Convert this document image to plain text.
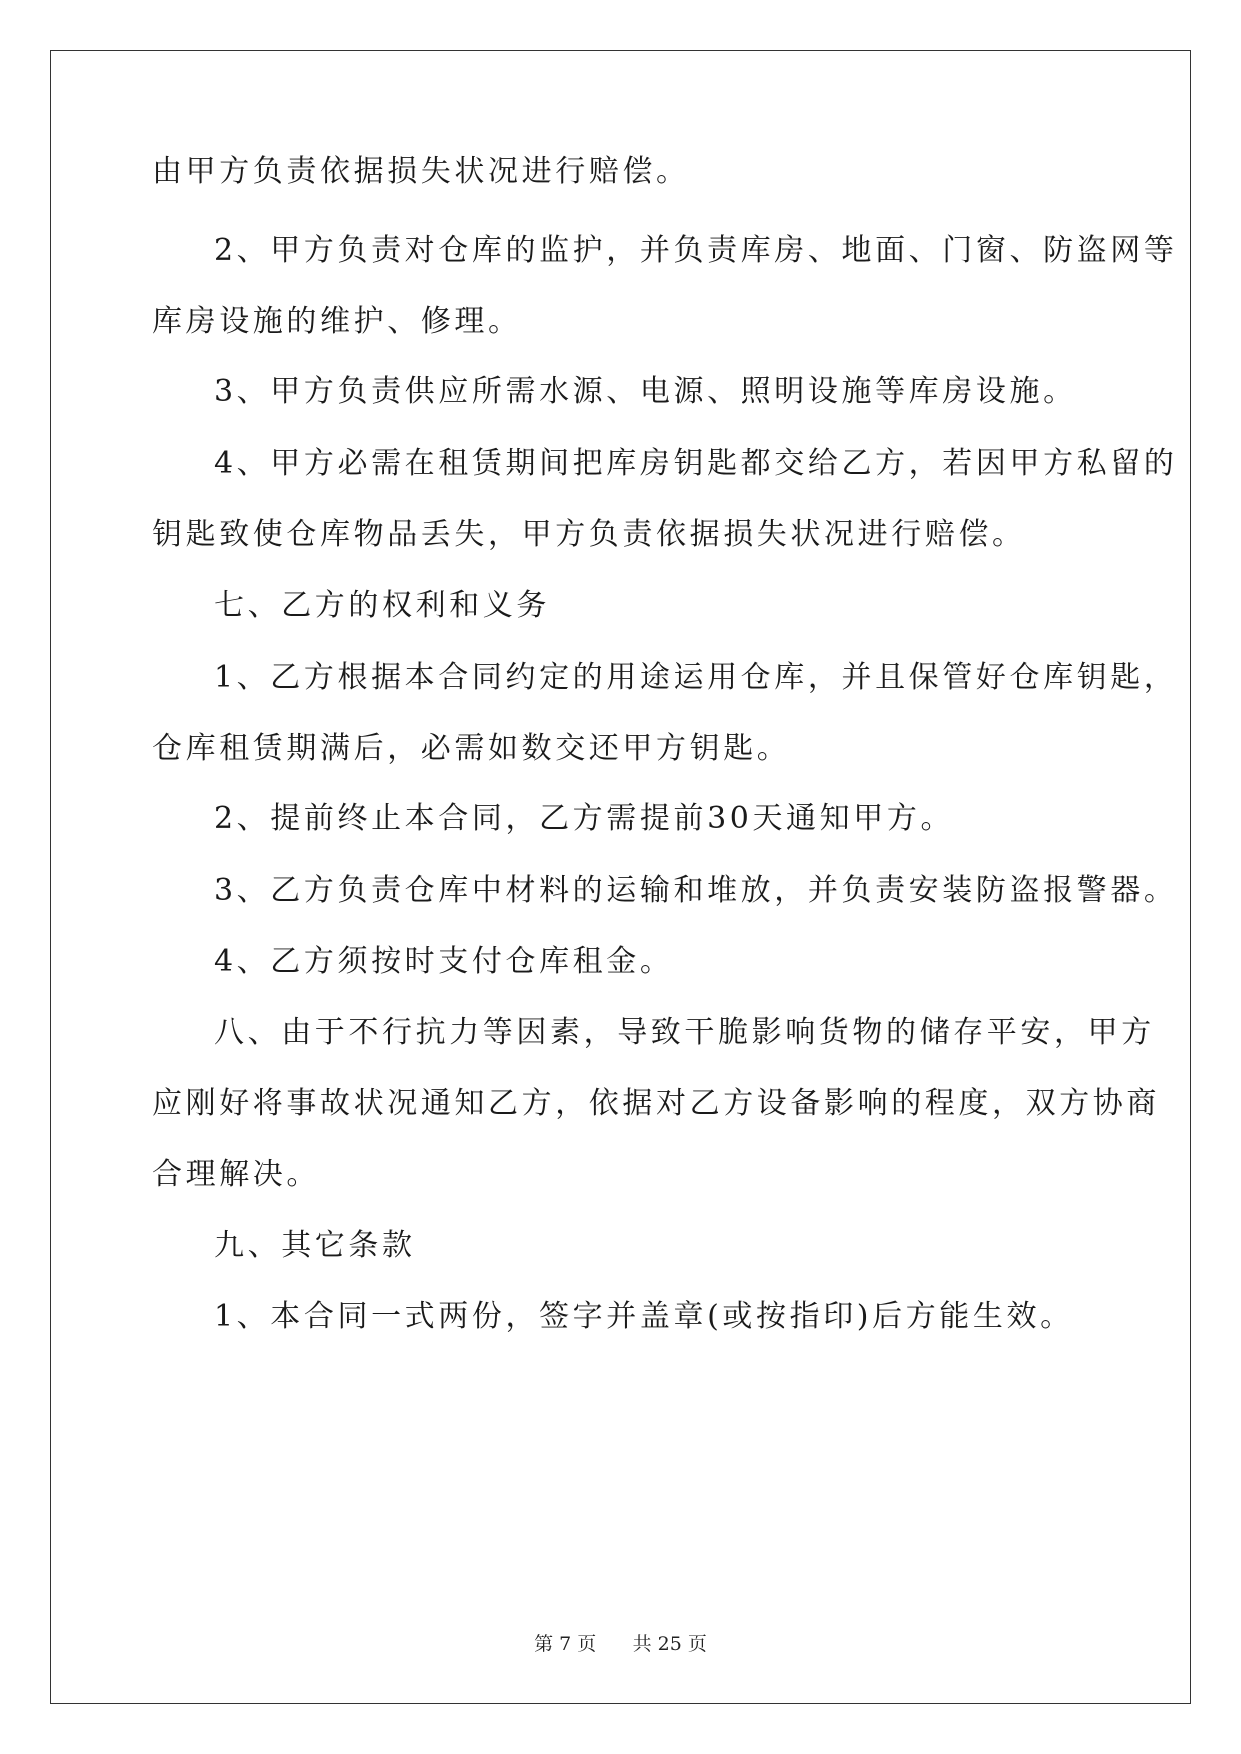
由甲方负责依据损失状况进行赔偿。
2、甲方负责对仓库的监护，并负责库房、地面、门窗、防盗网等
库房设施的维护、修理。
3、甲方负责供应所需水源、电源、照明设施等库房设施。
4、甲方必需在租赁期间把库房钥匙都交给乙方，若因甲方私留的
钥匙致使仓库物品丢失，甲方负责依据损失状况进行赔偿。
七、乙方的权利和义务
1、乙方根据本合同约定的用途运用仓库，并且保管好仓库钥匙，
仓库租赁期满后，必需如数交还甲方钥匙。
2、提前终止本合同，乙方需提前30天通知甲方。
3、乙方负责仓库中材料的运输和堆放，并负责安装防盗报警器。
4、乙方须按时支付仓库租金。
八、由于不行抗力等因素，导致干脆影响货物的储存平安，甲方
应刚好将事故状况通知乙方，依据对乙方设备影响的程度，双方协商
合理解决。
九、其它条款
1、本合同一式两份，签字并盖章(或按指印)后方能生效。
第 7 页 共 25 页
